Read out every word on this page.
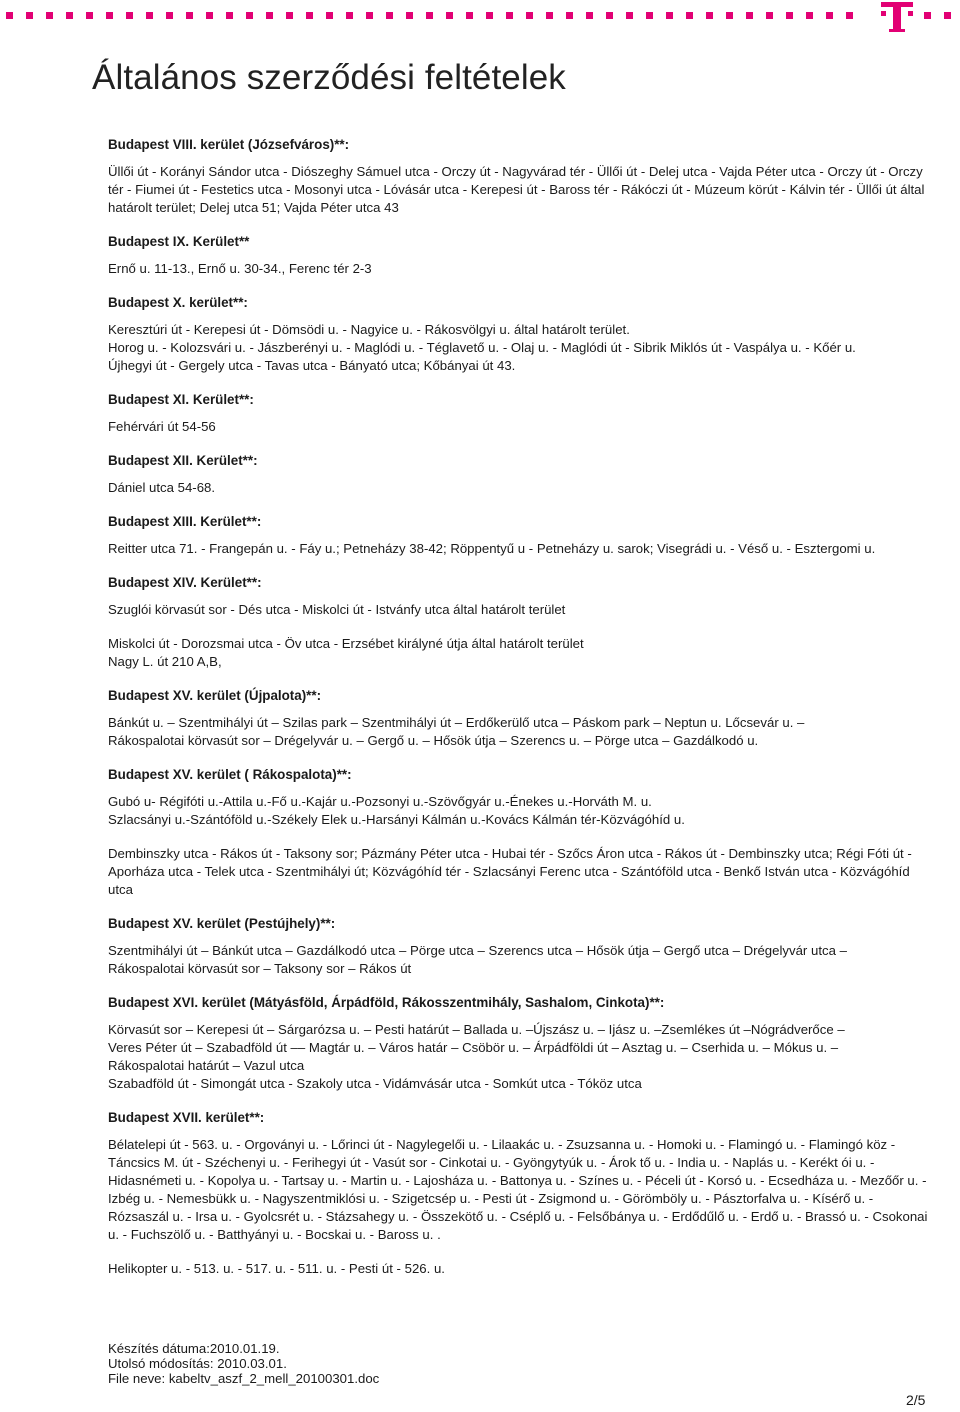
Általános szerződési feltételek
Budapest VIII. kerület (Józsefváros)**:
Üllői út - Korányi Sándor utca - Diószeghy Sámuel utca - Orczy út - Nagyvárad tér - Üllői út - Delej utca - Vajda Péter utca - Orczy út - Orczy tér - Fiumei út - Festetics utca - Mosonyi utca - Lóvásár utca - Kerepesi út - Baross tér - Rákóczi út - Múzeum körút - Kálvin tér - Üllői út által határolt terület; Delej utca 51; Vajda Péter utca 43
Budapest IX. Kerület**
Ernő u. 11-13., Ernő u. 30-34., Ferenc tér 2-3
Budapest X. kerület**:
Keresztúri út - Kerepesi út - Dömsödi u. - Nagyice u. - Rákosvölgyi u. által határolt terület.
Horog u. - Kolozsvári u. - Jászberényi u. - Maglódi u. - Téglavető u. - Olaj u. - Maglódi út - Sibrik Miklós út - Vaspálya u. - Kőér u.
Újhegyi út - Gergely utca - Tavas utca - Bányató utca; Kőbányai út 43.
Budapest XI. Kerület**:
Fehérvári út 54-56
Budapest XII. Kerület**:
Dániel utca 54-68.
Budapest XIII. Kerület**:
Reitter utca 71. - Frangepán u. - Fáy u.; Petneházy 38-42; Röppentyű u - Petneházy u. sarok; Visegrádi u. - Véső u. - Esztergomi u.
Budapest XIV. Kerület**:
Szuglói körvasút sor - Dés utca - Miskolci út - Istvánfy utca által határolt terület
Miskolci út - Dorozsmai utca - Öv utca - Erzsébet királyné útja által határolt terület
Nagy L. út 210 A,B,
Budapest XV. kerület (Újpalota)**:
Bánkút u. – Szentmihályi út – Szilas park – Szentmihályi út – Erdőkerülő utca – Páskom park – Neptun u. Lőcsevár u. –
Rákospalotai körvasút sor – Drégelyvár u. – Gergő u. – Hősök útja – Szerencs u. – Pörge utca – Gazdálkodó u.
Budapest XV. kerület ( Rákospalota)**:
Gubó u- Régifóti u.-Attila u.-Fő u.-Kajár u.-Pozsonyi u.-Szövőgyár u.-Énekes u.-Horváth M. u.
Szlacsányi u.-Szántóföld u.-Székely Elek u.-Harsányi Kálmán u.-Kovács Kálmán tér-Közvágóhíd u.
Dembinszky utca - Rákos út - Taksony sor; Pázmány Péter utca - Hubai tér - Szőcs Áron utca - Rákos út - Dembinszky utca; Régi Fóti út - Aporháza utca - Telek utca - Szentmihályi út; Közvágóhíd tér - Szlacsányi Ferenc utca - Szántóföld utca - Benkő István utca - Közvágóhíd utca
Budapest XV. kerület (Pestújhely)**:
Szentmihályi út – Bánkút utca – Gazdálkodó utca – Pörge utca – Szerencs utca – Hősök útja – Gergő utca – Drégelyvár utca –
Rákospalotai körvasút sor – Taksony sor – Rákos út
Budapest XVI. kerület (Mátyásföld, Árpádföld, Rákosszentmihály, Sashalom, Cinkota)**:
Körvasút sor – Kerepesi út – Sárgarózsa u. – Pesti határút – Ballada u. –Újszász u. – Ijász u. –Zsemlékes út –Nógrádverőce –
Veres Péter út – Szabadföld út –– Magtár u. – Város határ – Csöbör u. – Árpádföldi út – Asztag u. – Cserhida u. – Mókus u. –
Rákospalotai határút – Vazul utca
Szabadföld út - Simongát utca - Szakoly utca - Vidámvásár utca - Somkút utca - Tóköz utca
Budapest XVII. kerület**:
Bélatelepi út - 563. u. - Orgoványi u. - Lőrinci út - Nagylegelői u. - Lilaakác u. - Zsuzsanna u. - Homoki u. - Flamingó u. - Flamingó köz - Táncsics M. út - Széchenyi u. - Ferihegyi út - Vasút sor - Cinkotai u. - Gyöngytyúk u. - Árok tő u. - India u. - Naplás u. - Kerékt ói u. - Hidasnémeti u. - Kopolya u. - Tartsay u. - Martin u. - Lajosháza u. - Battonya u. - Színes u. - Péceli út - Korsó u. - Ecsedháza u. - Mezőőr u. - Izbég u. - Nemesbükk u. - Nagyszentmiklósi u. - Szigetcsép u. - Pesti út - Zsigmond u. - Görömböly u. - Pásztorfalva u. - Kísérő u. - Rózsaszál u. - Irsa u. - Gyolcsrét u. - Stázsahegy u. - Összekötő u. - Cséplő u. - Felsőbánya u. - Erdődűlő u. - Erdő u. - Brassó u. - Csokonai u. - Fuchszölő u. - Batthyányi u. - Bocskai u. - Baross u. .
Helikopter u. - 513. u. - 517. u. - 511. u. - Pesti út - 526. u.
Készítés dátuma:2010.01.19.
Utolsó módosítás: 2010.03.01.
File neve: kabeltv_aszf_2_mell_20100301.doc
2/5
